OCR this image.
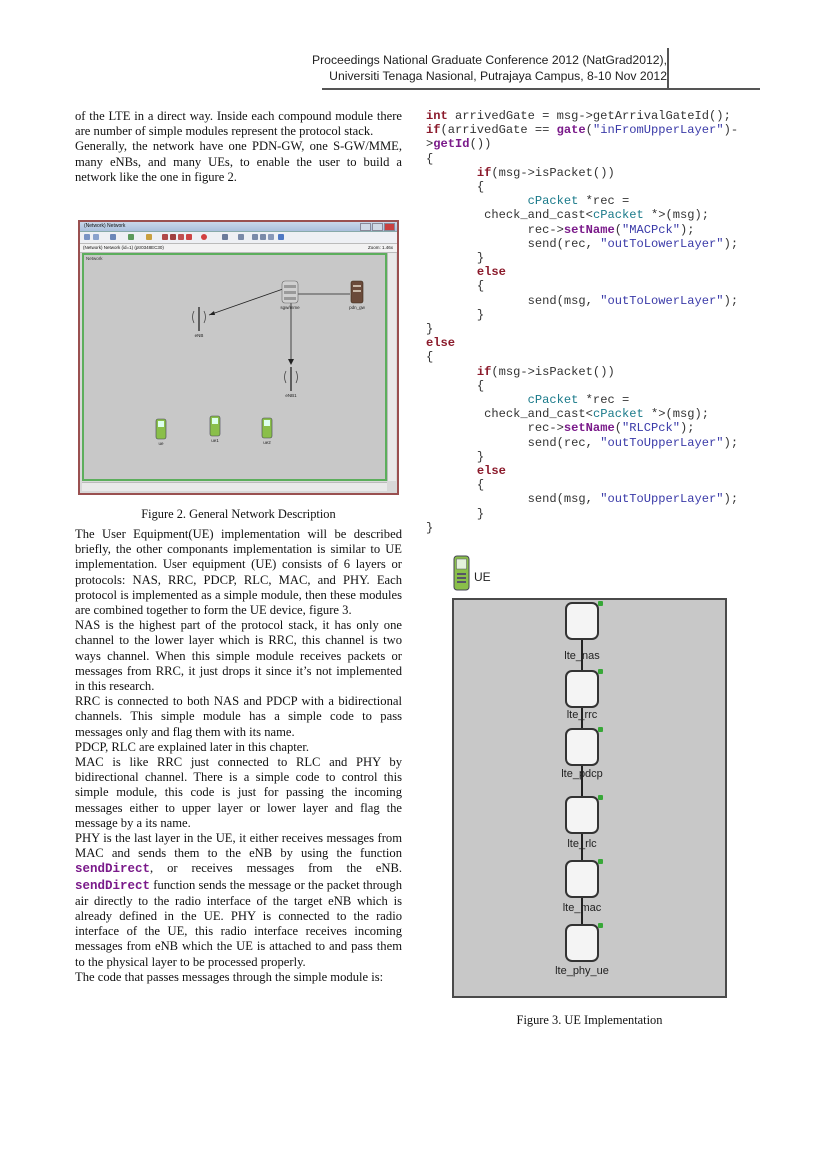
Proceedings National Graduate Conference 2012 (NatGrad2012),
Universiti Tenaga Nasional, Putrajaya Campus, 8-10 Nov 2012

of the LTE in a direct way. Inside each compound module there are number of simple modules represent the protocol stack.

Generally, the network have one PDN-GW, one S-GW/MME, many eNBs, and many UEs, to enable the user to build a network like the one in figure 2.

(Network) Network
(Network) Network (id=1) (ptr0348EC30)	Zoom: 1.46x
Network
sgw/mme	pdn_gw
eNB
eNB1
ue
ue1	ue2
Figure 2. General Network Description

The User Equipment(UE) implementation will be described briefly, the other componants implementation is similar to UE implementation. User equipment (UE) consists of 6 layers or protocols: NAS, RRC, PDCP, RLC, MAC, and PHY. Each protocol is implemented as a simple module, then these modules are combined together to form the UE device, figure 3.

NAS is the highest part of the protocol stack, it has only one channel to the lower layer which is RRC, this channel is two ways channel. When this simple module receives packets or messages from RRC, it just drops it since it’s not implemented in this research.

RRC is connected to both NAS and PDCP with a bidirectional channels. This simple module has a simple code to pass messages only and flag them with its name.

PDCP, RLC are explained later in this chapter.

MAC is like RRC just connected to RLC and PHY by bidirectional channel. There is a simple code to control this simple module, this code is just for passing the incoming messages either to upper layer or lower layer and flag the message by a its name.

PHY is the last layer in the UE, it either receives messages from MAC and sends them to the eNB by using the function sendDirect, or receives messages from the eNB. sendDirect function sends the message or the packet through air directly to the radio interface of the target eNB which is already defined in the UE. PHY is connected to the radio interface of the UE, this radio interface receives incoming messages from eNB which the UE is attached to and pass them to the physical layer to be processed properly.

The code that passes messages through the simple module is:

int arrivedGate = msg->getArrivalGateId();
if(arrivedGate == gate("inFromUpperLayer")-
>getId())
{
if(msg->isPacket())
{
cPacket *rec =
check_and_cast<cPacket *>(msg);
rec->setName("MACPck");
send(rec, "outToLowerLayer");
}
else
{
send(msg, "outToLowerLayer");
}
}
else
{
if(msg->isPacket())
{
cPacket *rec =
check_and_cast<cPacket *>(msg);
rec->setName("RLCPck");
send(rec, "outToUpperLayer");
}
else
{
send(msg, "outToUpperLayer");
}
}
UE
lte_nas
lte_rrc
lte_pdcp
lte_rlc
lte_mac
lte_phy_ue
Figure 3. UE Implementation
